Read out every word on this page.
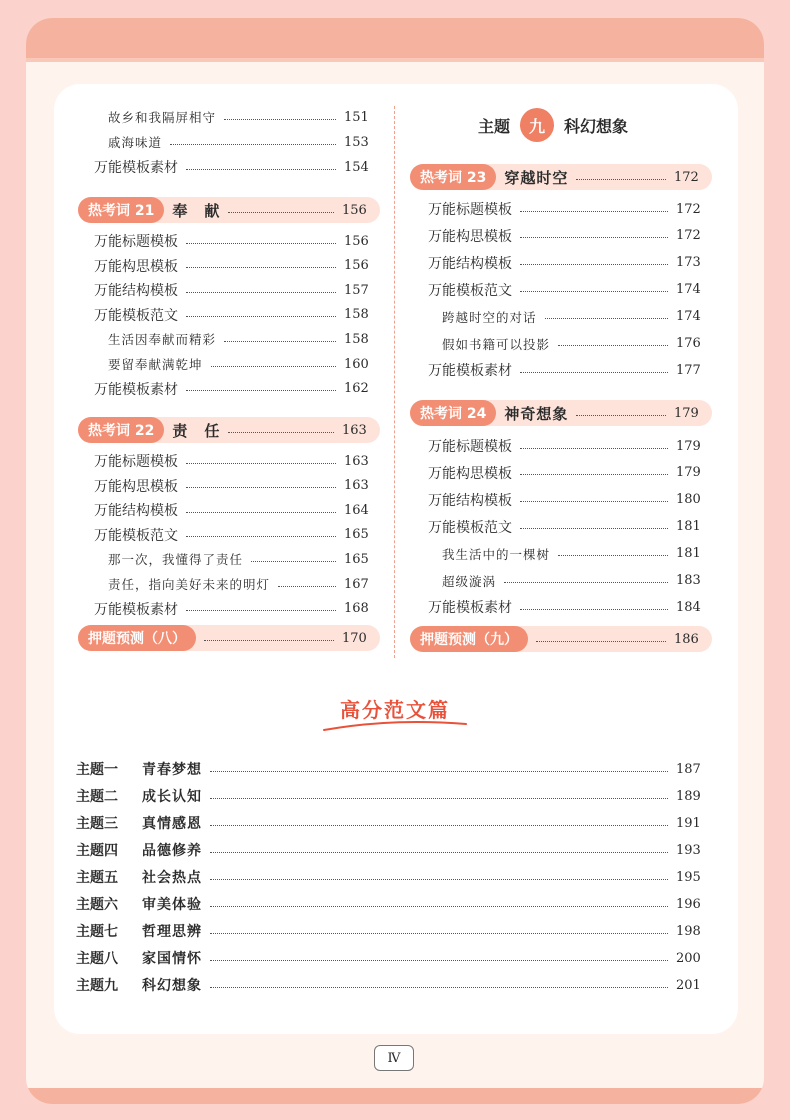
故乡和我隔屏相守	151
戚海味道	153
万能模板素材	154
热考词 21	奉　献	156
万能标题模板	156
万能构思模板	156
万能结构模板	157
万能模板范文	158
生活因奉献而精彩	158
要留奉献满乾坤	160
万能模板素材	162
热考词 22	责　任	163
万能标题模板	163
万能构思模板	163
万能结构模板	164
万能模板范文	165
那一次，我懂得了责任	165
责任，指向美好未来的明灯	167
万能模板素材	168
押题预测（八）	170
主题	九	科幻想象
热考词 23	穿越时空	172
万能标题模板	172
万能构思模板	172
万能结构模板	173
万能模板范文	174
跨越时空的对话	174
假如书籍可以投影	176
万能模板素材	177
热考词 24	神奇想象	179
万能标题模板	179
万能构思模板	179
万能结构模板	180
万能模板范文	181
我生活中的一棵树	181
超级漩涡	183
万能模板素材	184
押题预测（九）	186
高分范文篇
主题一	青春梦想	187
主题二	成长认知	189
主题三	真情感恩	191
主题四	品德修养	193
主题五	社会热点	195
主题六	审美体验	196
主题七	哲理思辨	198
主题八	家国情怀	200
主题九	科幻想象	201
Ⅳ
